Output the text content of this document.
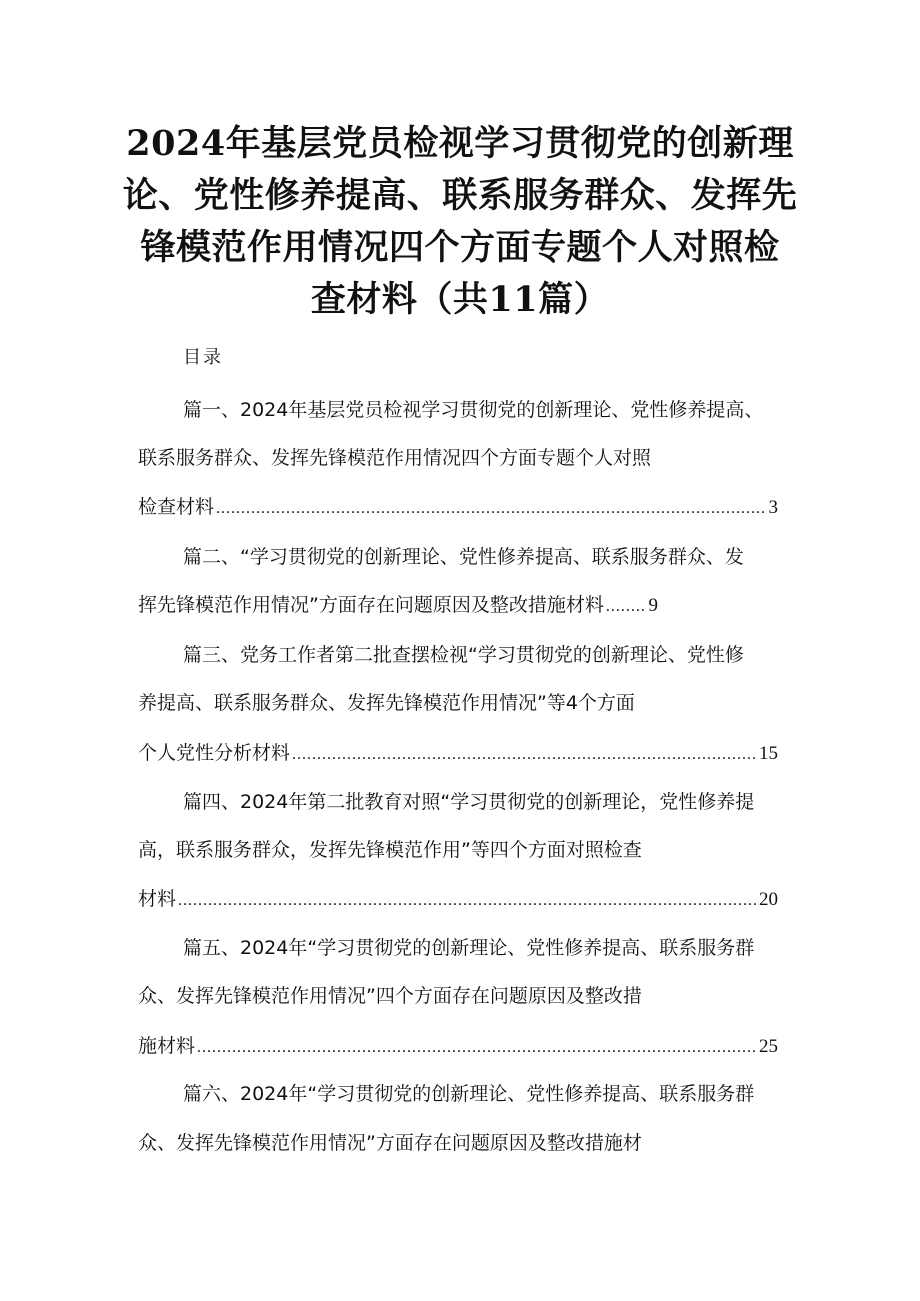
2024年基层党员检视学习贯彻党的创新理
论、党性修养提高、联系服务群众、发挥先
锋模范作用情况四个方面专题个人对照检
查材料（共11篇）
目录
篇一、2024年基层党员检视学习贯彻党的创新理论、党性修养提高、
联系服务群众、发挥先锋模范作用情况四个方面专题个人对照
检查材料 .....	3
篇二、“学习贯彻党的创新理论、党性修养提高、联系服务群众、发
挥先锋模范作用情况”方面存在问题原因及整改措施材料 ..... 9
篇三、党务工作者第二批查摆检视“学习贯彻党的创新理论、党性修
养提高、联系服务群众、发挥先锋模范作用情况”等4个方面
个人党性分析材料 .....	15
篇四、2024年第二批教育对照“学习贯彻党的创新理论，党性修养提
高，联系服务群众，发挥先锋模范作用”等四个方面对照检查
材料 .....	20
篇五、2024年“学习贯彻党的创新理论、党性修养提高、联系服务群
众、发挥先锋模范作用情况”四个方面存在问题原因及整改措
施材料 .....	25
篇六、2024年“学习贯彻党的创新理论、党性修养提高、联系服务群
众、发挥先锋模范作用情况”方面存在问题原因及整改措施材
